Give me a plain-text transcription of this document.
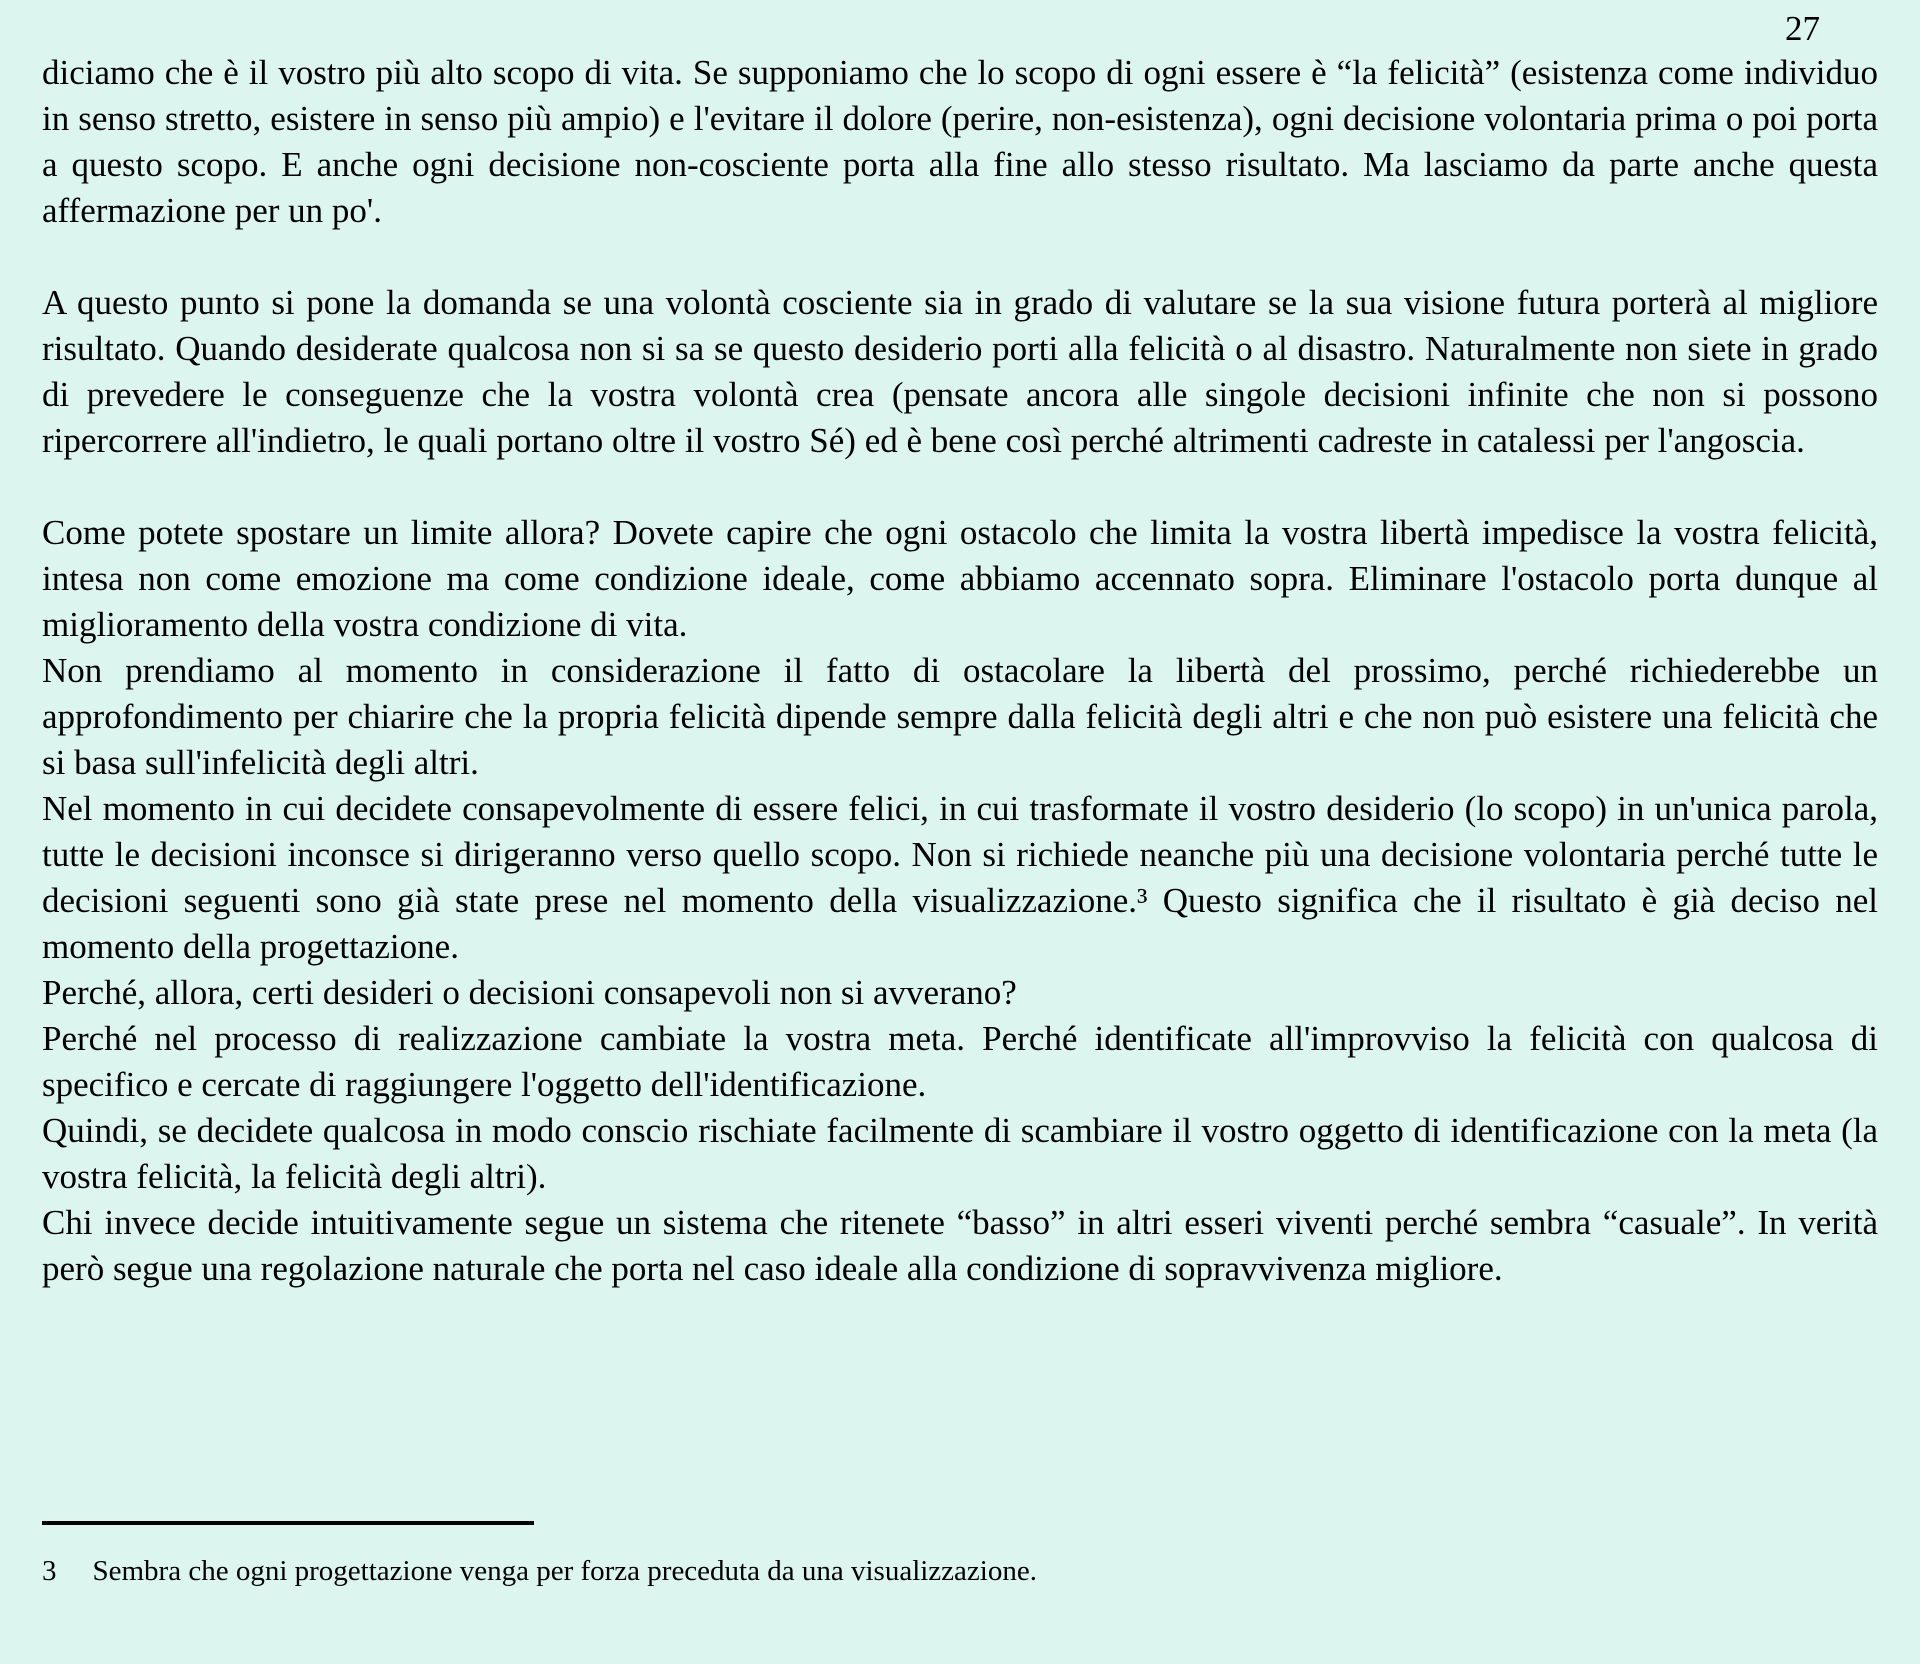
27

diciamo che è il vostro più alto scopo di vita. Se supponiamo che lo scopo di ogni essere è “la felicità” (esistenza come individuo in senso stretto, esistere in senso più ampio) e l'evitare il dolore (perire, non-esistenza), ogni decisione volontaria prima o poi porta a questo scopo. E anche ogni decisione non-cosciente porta alla fine allo stesso risultato. Ma lasciamo da parte anche questa affermazione per un po'.

A questo punto si pone la domanda se una volontà cosciente sia in grado di valutare se la sua visione futura porterà al migliore risultato. Quando desiderate qualcosa non si sa se questo desiderio porti alla felicità o al disastro. Naturalmente non siete in grado di prevedere le conseguenze che la vostra volontà crea (pensate ancora alle singole decisioni infinite che non si possono ripercorrere all'indietro, le quali portano oltre il vostro Sé) ed è bene così perché altrimenti cadreste in catalessi per l'angoscia.

Come potete spostare un limite allora? Dovete capire che ogni ostacolo che limita la vostra libertà impedisce la vostra felicità, intesa non come emozione ma come condizione ideale, come abbiamo accennato sopra. Eliminare l'ostacolo porta dunque al miglioramento della vostra condizione di vita.

Non prendiamo al momento in considerazione il fatto di ostacolare la libertà del prossimo, perché richiederebbe un approfondimento per chiarire che la propria felicità dipende sempre dalla felicità degli altri e che non può esistere una felicità che si basa sull'infelicità degli altri.

Nel momento in cui decidete consapevolmente di essere felici, in cui trasformate il vostro desiderio (lo scopo) in un'unica parola, tutte le decisioni inconsce si dirigeranno verso quello scopo. Non si richiede neanche più una decisione volontaria perché tutte le decisioni seguenti sono già state prese nel momento della visualizzazione.³ Questo significa che il risultato è già deciso nel momento della progettazione.

Perché, allora, certi desideri o decisioni consapevoli non si avverano?

Perché nel processo di realizzazione cambiate la vostra meta. Perché identificate all'improvviso la felicità con qualcosa di specifico e cercate di raggiungere l'oggetto dell'identificazione.

Quindi, se decidete qualcosa in modo conscio rischiate facilmente di scambiare il vostro oggetto di identificazione con la meta (la vostra felicità, la felicità degli altri).

Chi invece decide intuitivamente segue un sistema che ritenete “basso” in altri esseri viventi perché sembra “casuale”. In verità però segue una regolazione naturale che porta nel caso ideale alla condizione di sopravvivenza migliore.

3 Sembra che ogni progettazione venga per forza preceduta da una visualizzazione.
